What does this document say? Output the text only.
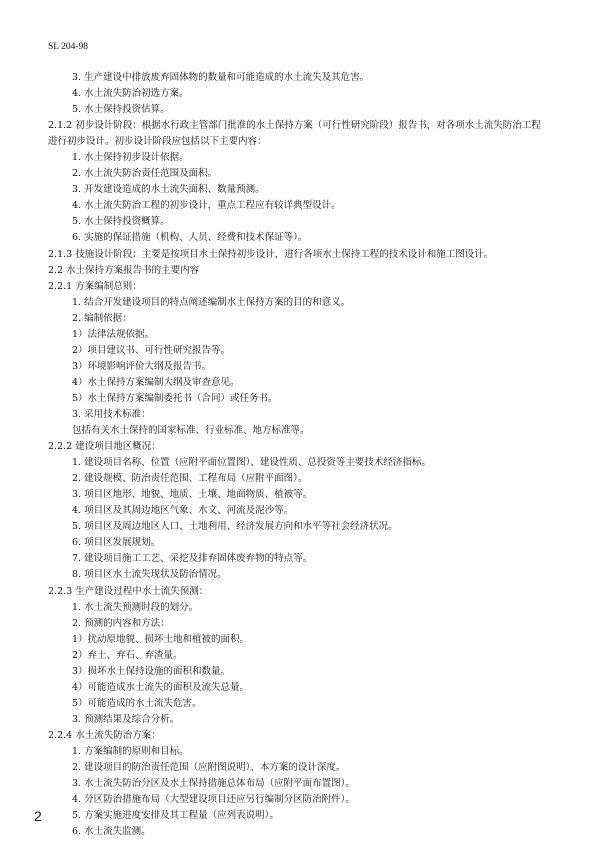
SL 204-98
3. 生产建设中排放废弃固体物的数量和可能造成的水土流失及其危害。
4. 水土流失防治初选方案。
5. 水土保持投资估算。
2.1.2 初步设计阶段：根据水行政主管部门批准的水土保持方案（可行性研究阶段）报告书，对各项水土流失防治工程
进行初步设计。初步设计阶段应包括以下主要内容：
1. 水土保持初步设计依据。
2. 水土流失防治责任范围及面积。
3. 开发建设造成的水土流失面积、数量预测。
4. 水土流失防治工程的初步设计，重点工程应有较详典型设计。
5. 水土保持投资概算。
6. 实施的保证措施（机构、人员、经费和技术保证等）。
2.1.3 技施设计阶段：主要是按项目水土保持初步设计，进行各项水土保持工程的技术设计和施工图设计。
2.2 水土保持方案报告书的主要内容
2.2.1 方案编制总则：
1. 结合开发建设项目的特点阐述编制水土保持方案的目的和意义。
2. 编制依据：
1）法律法规依据。
2）项目建议书、可行性研究报告等。
3）环境影响评价大纲及报告书。
4）水土保持方案编制大纲及审查意见。
5）水土保持方案编制委托书（合同）或任务书。
3. 采用技术标准：
包括有关水土保持的国家标准、行业标准、地方标准等。
2.2.2 建设项目地区概况：
1. 建设项目名称、位置（应附平面位置图）、建设性质、总投资等主要技术经济指标。
2. 建设规模、防治责任范围、工程布局（应附平面图）。
3. 项目区地形、地貌、地质、土壤、地面物质、植被等。
4. 项目区及其周边地区气象、水文、河流及泥沙等。
5. 项目区及周边地区人口、土地利用、经济发展方向和水平等社会经济状况。
6. 项目区发展规划。
7. 建设项目施工工艺、采挖及排弃固体废弃物的特点等。
8. 项目区水土流失现状及防治情况。
2.2.3 生产建设过程中水土流失预测：
1. 水土流失预测时段的划分。
2. 预测的内容和方法：
1）扰动原地貌、损坏土地和植被的面积。
2）弃土、弃石、弃渣量。
3）损坏水土保持设施的面积和数量。
4）可能造成水土流失的面积及流失总量。
5）可能造成的水土流失危害。
3. 预测结果及综合分析。
2.2.4 水土流失防治方案：
1. 方案编制的原则和目标。
2. 建设项目的防治责任范围（应附图说明）、本方案的设计深度。
3. 水土流失防治分区及水土保持措施总体布局（应附平面布置图）。
4. 分区防治措施布局（大型建设项目还应另行编制分区防治附件）。
5. 方案实施进度安排及其工程量（应列表说明）。
6. 水土流失监测。
2
